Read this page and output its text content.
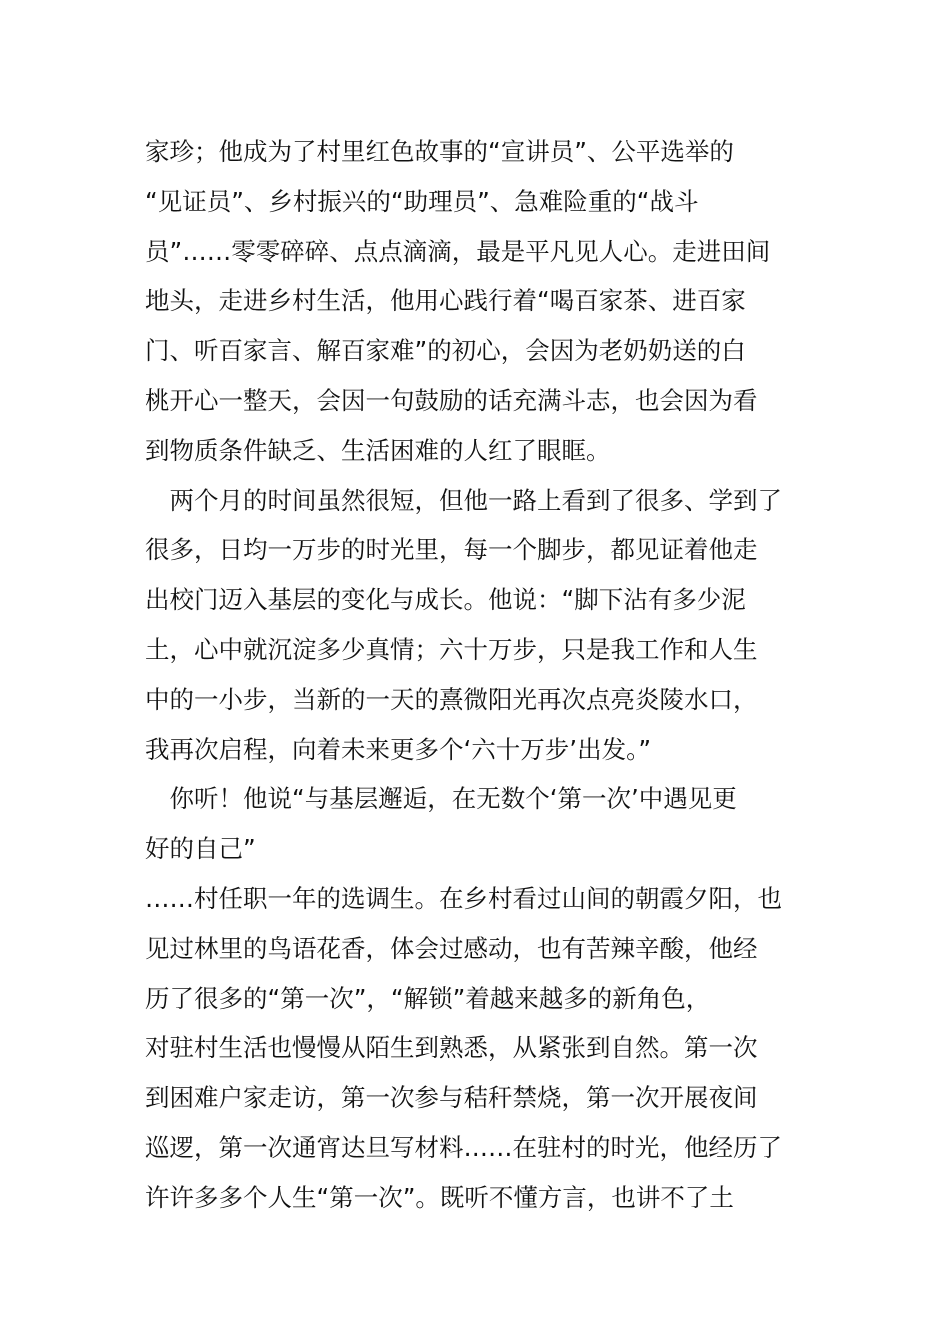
家珍；他成为了村里红色故事的“宣讲员”、公平选举的
“见证员”、乡村振兴的“助理员”、急难险重的“战斗
员”……零零碎碎、点点滴滴，最是平凡见人心。走进田间
地头，走进乡村生活，他用心践行着“喝百家茶、进百家
门、听百家言、解百家难”的初心，会因为老奶奶送的白
桃开心一整天，会因一句鼓励的话充满斗志，也会因为看
到物质条件缺乏、生活困难的人红了眼眶。
　两个月的时间虽然很短，但他一路上看到了很多、学到了
很多，日均一万步的时光里，每一个脚步，都见证着他走
出校门迈入基层的变化与成长。他说：“脚下沾有多少泥
土，心中就沉淀多少真情；六十万步，只是我工作和人生
中的一小步，当新的一天的熹微阳光再次点亮炎陵水口，
我再次启程，向着未来更多个‘六十万步’出发。”
　你听！他说“与基层邂逅，在无数个‘第一次’中遇见更
好的自己”
……村任职一年的选调生。在乡村看过山间的朝霞夕阳，也
见过林里的鸟语花香，体会过感动，也有苦辣辛酸，他经
历了很多的“第一次”，“解锁”着越来越多的新角色，
对驻村生活也慢慢从陌生到熟悉，从紧张到自然。第一次
到困难户家走访，第一次参与秸秆禁烧，第一次开展夜间
巡逻，第一次通宵达旦写材料……在驻村的时光，他经历了
许许多多个人生“第一次”。既听不懂方言，也讲不了土
